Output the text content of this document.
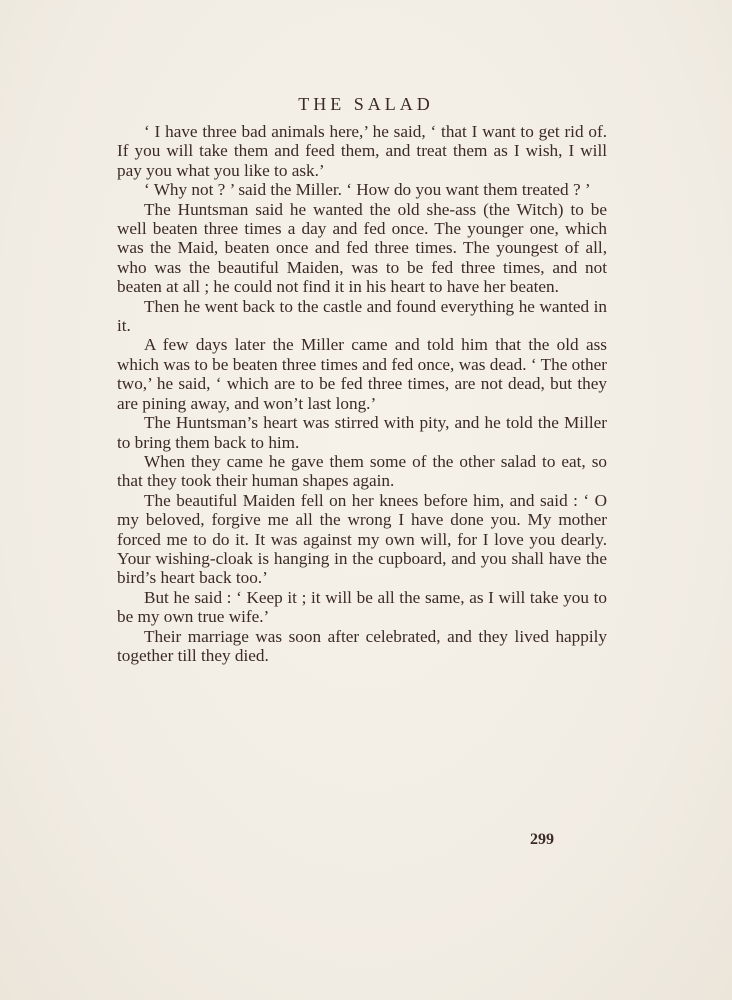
THE SALAD

‘ I have three bad animals here,’ he said, ‘ that I want to get rid of. If you will take them and feed them, and treat them as I wish, I will pay you what you like to ask.’

‘ Why not ? ’ said the Miller. ‘ How do you want them treated ? ’

The Huntsman said he wanted the old she-ass (the Witch) to be well beaten three times a day and fed once. The younger one, which was the Maid, beaten once and fed three times. The youngest of all, who was the beautiful Maiden, was to be fed three times, and not beaten at all ; he could not find it in his heart to have her beaten.

Then he went back to the castle and found everything he wanted in it.

A few days later the Miller came and told him that the old ass which was to be beaten three times and fed once, was dead. ‘ The other two,’ he said, ‘ which are to be fed three times, are not dead, but they are pining away, and won’t last long.’

The Huntsman’s heart was stirred with pity, and he told the Miller to bring them back to him.

When they came he gave them some of the other salad to eat, so that they took their human shapes again.

The beautiful Maiden fell on her knees before him, and said : ‘ O my beloved, forgive me all the wrong I have done you. My mother forced me to do it. It was against my own will, for I love you dearly. Your wishing-cloak is hanging in the cupboard, and you shall have the bird’s heart back too.’

But he said : ‘ Keep it ; it will be all the same, as I will take you to be my own true wife.’

Their marriage was soon after celebrated, and they lived happily together till they died.

299
